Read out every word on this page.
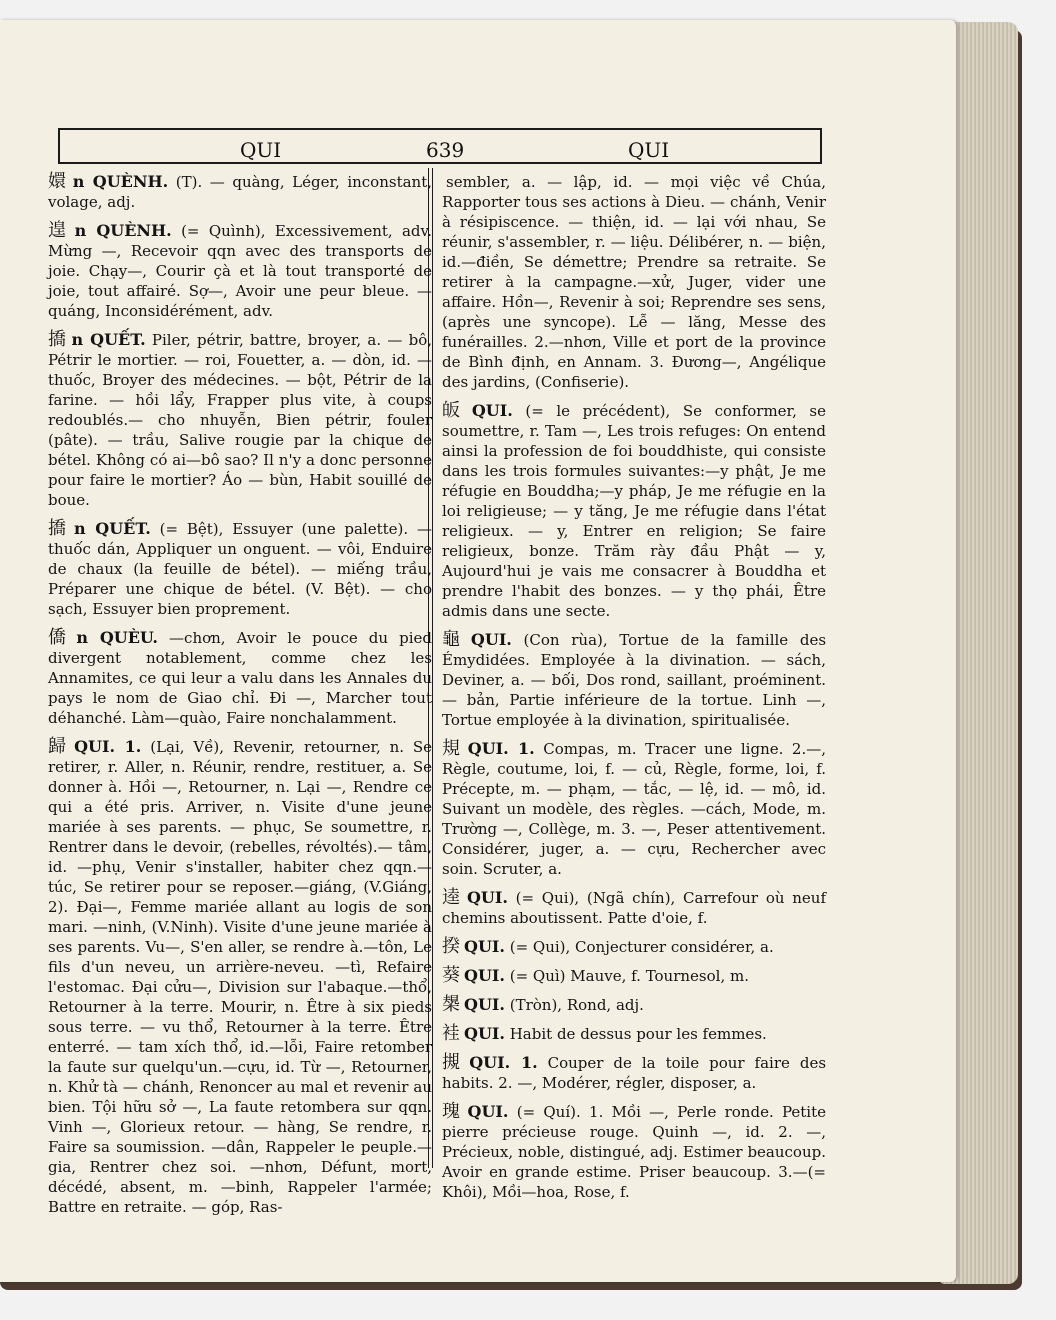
QUI	639	QUI

嬛 n QUÈNH. (T). — quàng, Léger, inconstant, volage, adj.

遑 n QUÈNH. (= Quình), Excessivement, adv. Mừng —, Recevoir qqn avec des transports de joie. Chạy—, Courir çà et là tout transporté de joie, tout affairé. Sợ—, Avoir une peur bleue. — quáng, Inconsidérément, adv.

撟 n QUẾT. Piler, pétrir, battre, broyer, a. — bô, Pétrir le mortier. — roi, Fouetter, a. — dòn, id. — thuốc, Broyer des médecines. — bột, Pétrir de la farine. — hồi lẩy, Frapper plus vite, à coups redoublés.— cho nhuyễn, Bien pétrir, fouler (pâte). — trầu, Salive rougie par la chique de bétel. Không có ai—bô sao? Il n'y a donc personne pour faire le mortier? Áo — bùn, Habit souillé de boue.

撟 n QUẾT. (= Bệt), Essuyer (une palette). — thuốc dán, Appliquer un onguent. — vôi, Enduire de chaux (la feuille de bétel). — miếng trầu, Préparer une chique de bétel. (V. Bệt). — cho sạch, Essuyer bien proprement.

僑 n QUÈU. —chơn, Avoir le pouce du pied divergent notablement, comme chez les Annamites, ce qui leur a valu dans les Annales du pays le nom de Giao chỉ. Đi —, Marcher tout déhanché. Làm—quào, Faire nonchalamment.

歸 QUI. 1. (Lại, Về), Revenir, retourner, n. Se retirer, r. Aller, n. Réunir, rendre, restituer, a. Se donner à. Hồi —, Retourner, n. Lại —, Rendre ce qui a été pris. Arriver, n. Visite d'une jeune mariée à ses parents. — phục, Se soumettre, r. Rentrer dans le devoir, (rebelles, révoltés).— tâm, id. —phụ, Venir s'installer, habiter chez qqn.— túc, Se retirer pour se reposer.—giáng, (V.Giáng, 2). Đại—, Femme mariée allant au logis de son mari. —ninh, (V.Ninh). Visite d'une jeune mariée à ses parents. Vu—, S'en aller, se rendre à.—tôn, Le fils d'un neveu, un arrière-neveu. —tì, Refaire l'estomac. Đại cửu—, Division sur l'abaque.—thổ, Retourner à la terre. Mourir, n. Être à six pieds sous terre. — vu thổ, Retourner à la terre. Être enterré. — tam xích thổ, id.—lỗi, Faire retomber la faute sur quelqu'un.—cựu, id. Từ —, Retourner, n. Khử tà — chánh, Renoncer au mal et revenir au bien. Tội hữu sở —, La faute retombera sur qqn. Vinh —, Glorieux retour. — hàng, Se rendre, r. Faire sa soumission. —dân, Rappeler le peuple.—gia, Rentrer chez soi. —nhơn, Défunt, mort, décédé, absent, m. —binh, Rappeler l'armée; Battre en retraite. — góp, Ras-

sembler, a. — lập, id. — mọi việc về Chúa, Rapporter tous ses actions à Dieu. — chánh, Venir à résipiscence. — thiện, id. — lại với nhau, Se réunir, s'assembler, r. — liệu. Délibérer, n. — biện, id.—điền, Se démettre; Prendre sa retraite. Se retirer à la campagne.—xử, Juger, vider une affaire. Hồn—, Revenir à soi; Reprendre ses sens, (après une syncope). Lễ — lăng, Messe des funérailles. 2.—nhơn, Ville et port de la province de Bình định, en Annam. 3. Đương—, Angélique des jardins, (Confiserie).

皈 QUI. (= le précédent), Se conformer, se soumettre, r. Tam —, Les trois refuges: On entend ainsi la profession de foi bouddhiste, qui consiste dans les trois formules suivantes:—y phật, Je me réfugie en Bouddha;—y pháp, Je me réfugie en la loi religieuse; — y tăng, Je me réfugie dans l'état religieux. — y, Entrer en religion; Se faire religieux, bonze. Trăm rày đầu Phật — y, Aujourd'hui je vais me consacrer à Bouddha et prendre l'habit des bonzes. — y thọ phái, Être admis dans une secte.

龜 QUI. (Con rùa), Tortue de la famille des Émydidées. Employée à la divination. — sách, Deviner, a. — bối, Dos rond, saillant, proéminent.— bản, Partie inférieure de la tortue. Linh —, Tortue employée à la divination, spiritualisée.

規 QUI. 1. Compas, m. Tracer une ligne. 2.—, Règle, coutume, loi, f. — củ, Règle, forme, loi, f. Précepte, m. — phạm, — tắc, — lệ, id. — mô, id. Suivant un modèle, des règles. —cách, Mode, m. Trường —, Collège, m. 3. —, Peser attentivement. Considérer, juger, a. — cựu, Rechercher avec soin. Scruter, a.

逵 QUI. (= Qui), (Ngã chín), Carrefour où neuf chemins aboutissent. Patte d'oie, f.

揆 QUI. (= Qui), Conjecturer considérer, a.

葵 QUI. (= Quì) Mauve, f. Tournesol, m.

槼 QUI. (Tròn), Rond, adj.

袿 QUI. Habit de dessus pour les femmes.

摫 QUI. 1. Couper de la toile pour faire des habits. 2. —, Modérer, régler, disposer, a.

瑰 QUI. (= Quí). 1. Mồi —, Perle ronde. Petite pierre précieuse rouge. Quinh —, id. 2. —, Précieux, noble, distingué, adj. Estimer beaucoup. Avoir en grande estime. Priser beaucoup. 3.—(= Khôi), Mồi—hoa, Rose, f.
